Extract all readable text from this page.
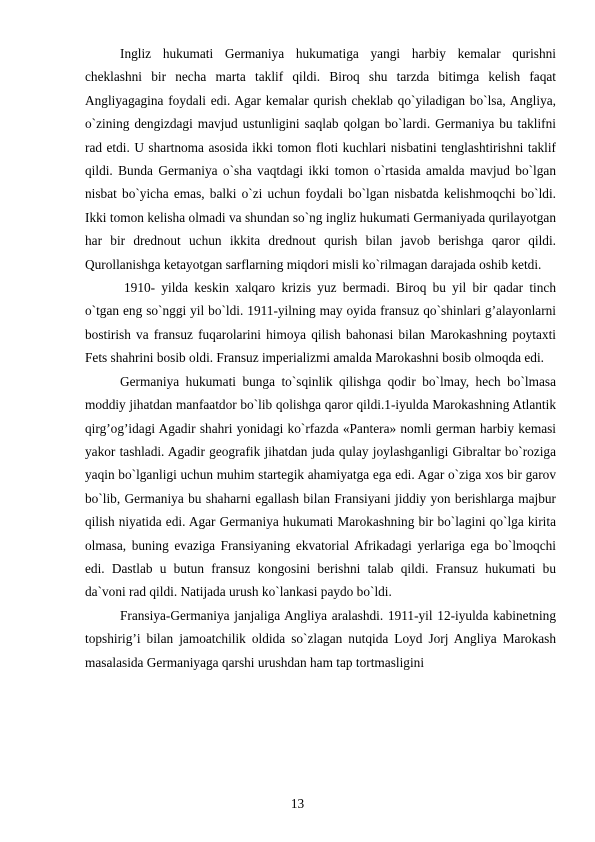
Ingliz hukumati Germaniya hukumatiga yangi harbiy kemalar qurishni cheklashni bir necha marta taklif qildi. Biroq shu tarzda bitimga kelish faqat Angliyagagina foydali edi. Agar kemalar qurish cheklab qo`yiladigan bo`lsa, Angliya, o`zining dengizdagi mavjud ustunligini saqlab qolgan bo`lardi. Germaniya bu taklifni rad etdi. U shartnoma asosida ikki tomon floti kuchlari nisbatini tenglashtirishni taklif qildi. Bunda Germaniya o`sha vaqtdagi ikki tomon o`rtasida amalda mavjud bo`lgan nisbat bo`yicha emas, balki o`zi uchun foydali bo`lgan nisbatda kelishmoqchi bo`ldi. Ikki tomon kelisha olmadi va shundan so`ng ingliz hukumati Germaniyada qurilayotgan har bir drednout uchun ikkita drednout qurish bilan javob berishga qaror qildi. Qurollanishga ketayotgan sarflarning miqdori misli ko`rilmagan darajada oshib ketdi.

1910- yilda keskin xalqaro krizis yuz bermadi. Biroq bu yil bir qadar tinch o`tgan eng so`nggi yil bo`ldi. 1911-yilning may oyida fransuz qo`shinlari g’alayonlarni bostirish va fransuz fuqarolarini himoya qilish bahonasi bilan Marokashning poytaxti Fets shahrini bosib oldi. Fransuz imperializmi amalda Marokashni bosib olmoqda edi.

Germaniya hukumati bunga to`sqinlik qilishga qodir bo`lmay, hech bo`lmasa moddiy jihatdan manfaatdor bo`lib qolishga qaror qildi.1-iyulda Marokashning Atlantik qirg’og’idagi Agadir shahri yonidagi ko`rfazda «Pantera» nomli german harbiy kemasi yakor tashladi. Agadir geografik jihatdan juda qulay joylashganligi Gibraltar bo`roziga yaqin bo`lganligi uchun muhim startegik ahamiyatga ega edi. Agar o`ziga xos bir garov bo`lib, Germaniya bu shaharni egallash bilan Fransiyani jiddiy yon berishlarga majbur qilish niyatida edi. Agar Germaniya hukumati Marokashning bir bo`lagini qo`lga kirita olmasa, buning evaziga Fransiyaning ekvatorial Afrikadagi yerlariga ega bo`lmoqchi edi. Dastlab u butun fransuz kongosini berishni talab qildi. Fransuz hukumati bu da`voni rad qildi. Natijada urush ko`lankasi paydo bo`ldi.

Fransiya-Germaniya janjaliga Angliya aralashdi. 1911-yil 12-iyulda kabinetning topshirig’i bilan jamoatchilik oldida so`zlagan nutqida Loyd Jorj Angliya Marokash masalasida Germaniyaga qarshi urushdan ham tap tortmasligini

13
